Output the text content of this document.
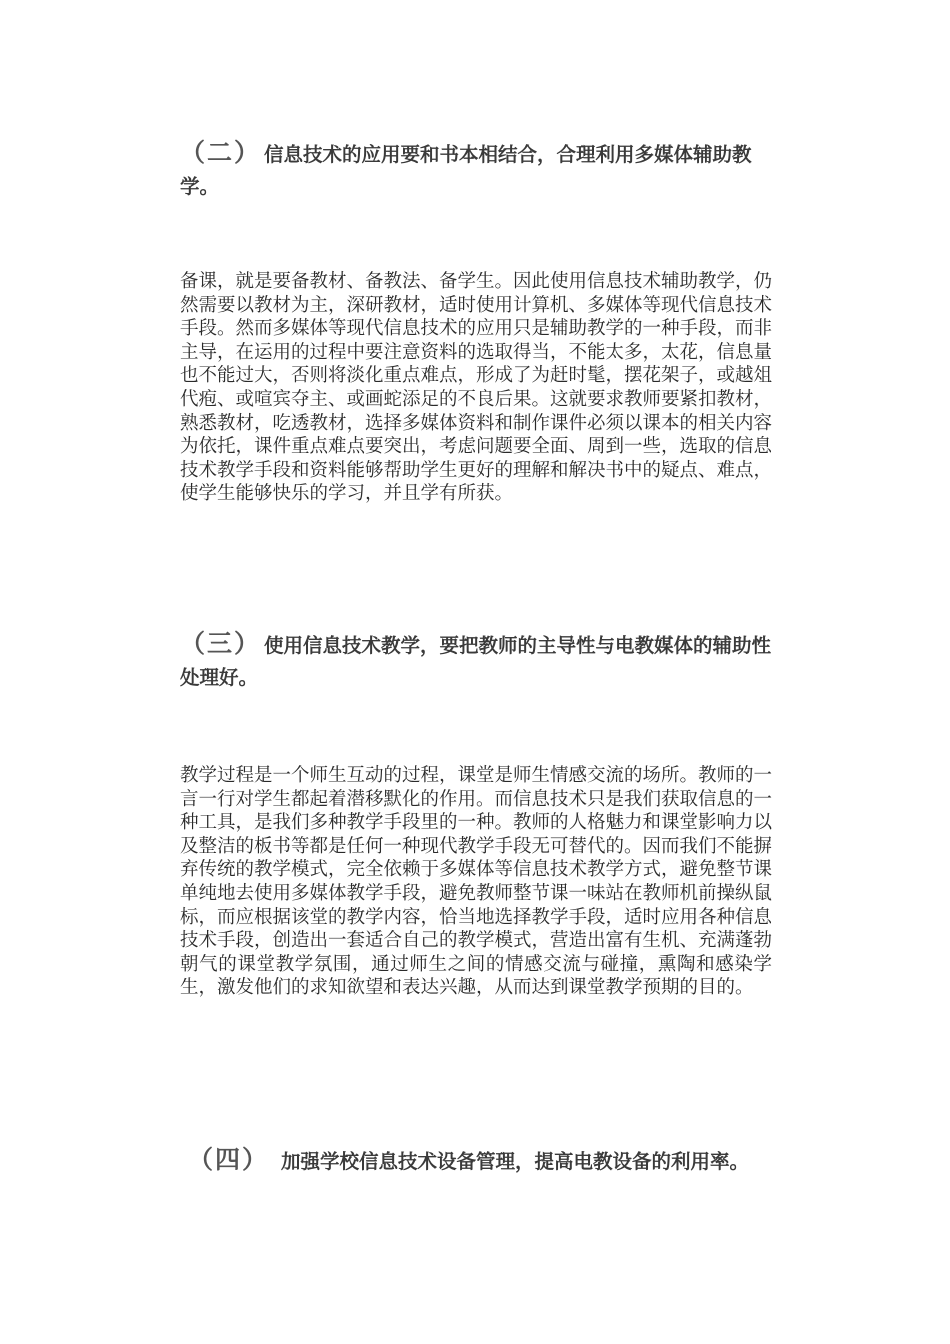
（二） 信息技术的应用要和书本相结合，合理利用多媒体辅助教学。

备课，就是要备教材、备教法、备学生。因此使用信息技术辅助教学，仍然需要以教材为主，深研教材，适时使用计算机、多媒体等现代信息技术手段。然而多媒体等现代信息技术的应用只是辅助教学的一种手段，而非主导，在运用的过程中要注意资料的选取得当，不能太多，太花，信息量也不能过大，否则将淡化重点难点，形成了为赶时髦，摆花架子，或越俎代疱、或喧宾夺主、或画蛇添足的不良后果。这就要求教师要紧扣教材，熟悉教材，吃透教材，选择多媒体资料和制作课件必须以课本的相关内容为依托，课件重点难点要突出，考虑问题要全面、周到一些，选取的信息技术教学手段和资料能够帮助学生更好的理解和解决书中的疑点、难点，使学生能够快乐的学习，并且学有所获。

（三） 使用信息技术教学，要把教师的主导性与电教媒体的辅助性处理好。

教学过程是一个师生互动的过程，课堂是师生情感交流的场所。教师的一言一行对学生都起着潜移默化的作用。而信息技术只是我们获取信息的一种工具，是我们多种教学手段里的一种。教师的人格魅力和课堂影响力以及整洁的板书等都是任何一种现代教学手段无可替代的。因而我们不能摒弃传统的教学模式，完全依赖于多媒体等信息技术教学方式，避免整节课单纯地去使用多媒体教学手段，避免教师整节课一味站在教师机前操纵鼠标，而应根据该堂的教学内容，恰当地选择教学手段，适时应用各种信息技术手段，创造出一套适合自己的教学模式，营造出富有生机、充满蓬勃朝气的课堂教学氛围，通过师生之间的情感交流与碰撞，熏陶和感染学生，激发他们的求知欲望和表达兴趣，从而达到课堂教学预期的目的。

（四） 加强学校信息技术设备管理，提高电教设备的利用率。
